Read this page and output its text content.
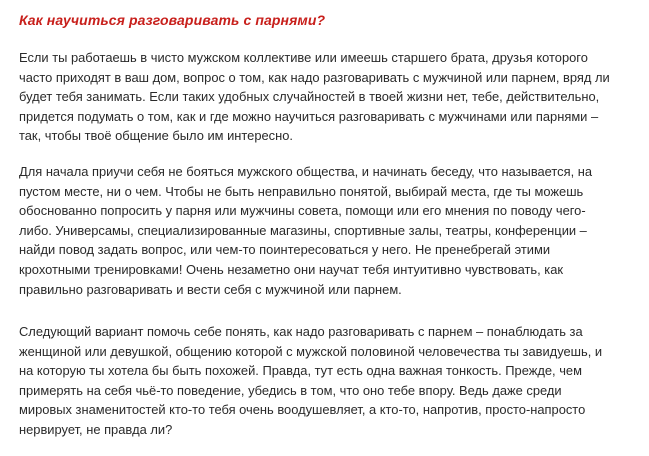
Как научиться разговаривать с парнями?

Если ты работаешь в чисто мужском коллективе или имеешь старшего брата, друзья которого
часто приходят в ваш дом, вопрос о том, как надо разговаривать с мужчиной или парнем, вряд ли
будет тебя занимать. Если таких удобных случайностей в твоей жизни нет, тебе, действительно,
придется подумать о том, как и где можно научиться разговаривать с мужчинами или парнями –
так, чтобы твоё общение было им интересно.

Для начала приучи себя не бояться мужского общества, и начинать беседу, что называется, на
пустом месте, ни о чем. Чтобы не быть неправильно понятой, выбирай места, где ты можешь
обоснованно попросить у парня или мужчины совета, помощи или его мнения по поводу чего-
либо. Универсамы, специализированные магазины, спортивные залы, театры, конференции –
найди повод задать вопрос, или чем-то поинтересоваться у него. Не пренебрегай этими
крохотными тренировками! Очень незаметно они научат тебя интуитивно чувствовать, как
правильно разговаривать и вести себя с мужчиной или парнем.

Следующий вариант помочь себе понять, как надо разговаривать с парнем – понаблюдать за
женщиной или девушкой, общению которой с мужской половиной человечества ты завидуешь, и
на которую ты хотела бы быть похожей. Правда, тут есть одна важная тонкость. Прежде, чем
примерять на себя чьё-то поведение, убедись в том, что оно тебе впору. Ведь даже среди
мировых знаменитостей кто-то тебя очень воодушевляет, а кто-то, напротив, просто-напросто
нервирует, не правда ли?
